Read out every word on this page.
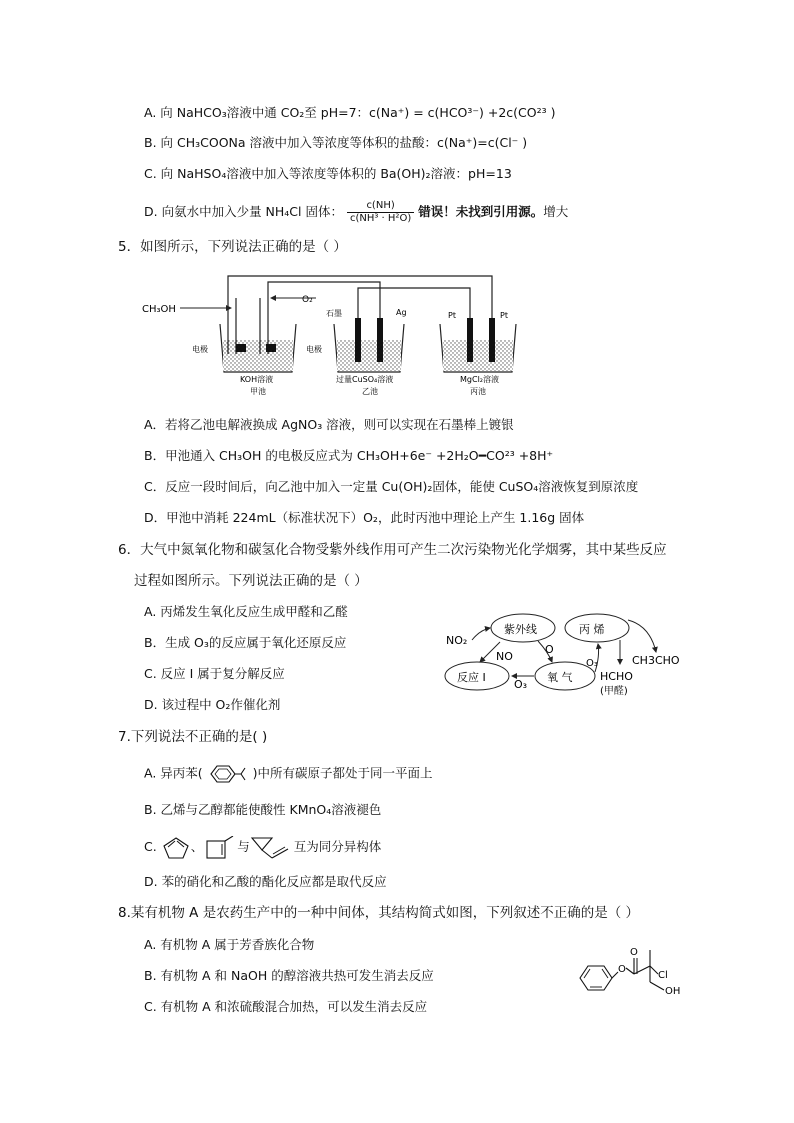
A. 向 NaHCO₃溶液中通 CO₂至 pH=7：c(Na⁺) = c(HCO³⁻) +2c(CO²³ )
B. 向 CH₃COONa 溶液中加入等浓度等体积的盐酸：c(Na⁺)=c(Cl⁻ )
C. 向 NaHSO₄溶液中加入等浓度等体积的 Ba(OH)₂溶液：pH=13
D. 向氨水中加入少量 NH₄Cl 固体： $\frac{c(NH)}{\text{c(NH³ · H²O)}}$ 错误！未找到引用源。增大
5．如图所示，下列说法正确的是（ ）
CH₃OH
O₂
电极	电极
KOH溶液
甲池
石墨	Ag
过量CuSO₄溶液
乙池
Pt	Pt
MgCl₂溶液
丙池
A．若将乙池电解液换成 AgNO₃ 溶液，则可以实现在石墨棒上镀银
B．甲池通入 CH₃OH 的电极反应式为 CH₃OH+6e⁻ +2H₂O━CO²³ +8H⁺
C．反应一段时间后，向乙池中加入一定量 Cu(OH)₂固体，能使 CuSO₄溶液恢复到原浓度
D．甲池中消耗 224mL（标准状况下）O₂，此时丙池中理论上产生 1.16g 固体
6．大气中氮氧化物和碳氢化合物受紫外线作用可产生二次污染物光化学烟雾，其中某些反应
过程如图所示。下列说法正确的是（ ）
A. 丙烯发生氧化反应生成甲醛和乙醛
B．生成 O₃的反应属于氧化还原反应
C. 反应 I 属于复分解反应
D. 该过程中 O₂作催化剂
紫外线	丙 烯
反应 I	氧 气
NO₂
NO
O
O₃
O₃	CH3CHO
HCHO
(甲醛)
7.下列说法不正确的是( )
A. 异丙苯(	)中所有碳原子都处于同一平面上
B. 乙烯与乙醇都能使酸性 KMnO₄溶液褪色
C.	、	与	互为同分异构体
D. 苯的硝化和乙酸的酯化反应都是取代反应
8.某有机物 A 是农药生产中的一种中间体，其结构简式如图，下列叙述不正确的是（ ）
A. 有机物 A 属于芳香族化合物
B. 有机物 A 和 NaOH 的醇溶液共热可发生消去反应
C. 有机物 A 和浓硫酸混合加热，可以发生消去反应
O
O
Cl
OH
